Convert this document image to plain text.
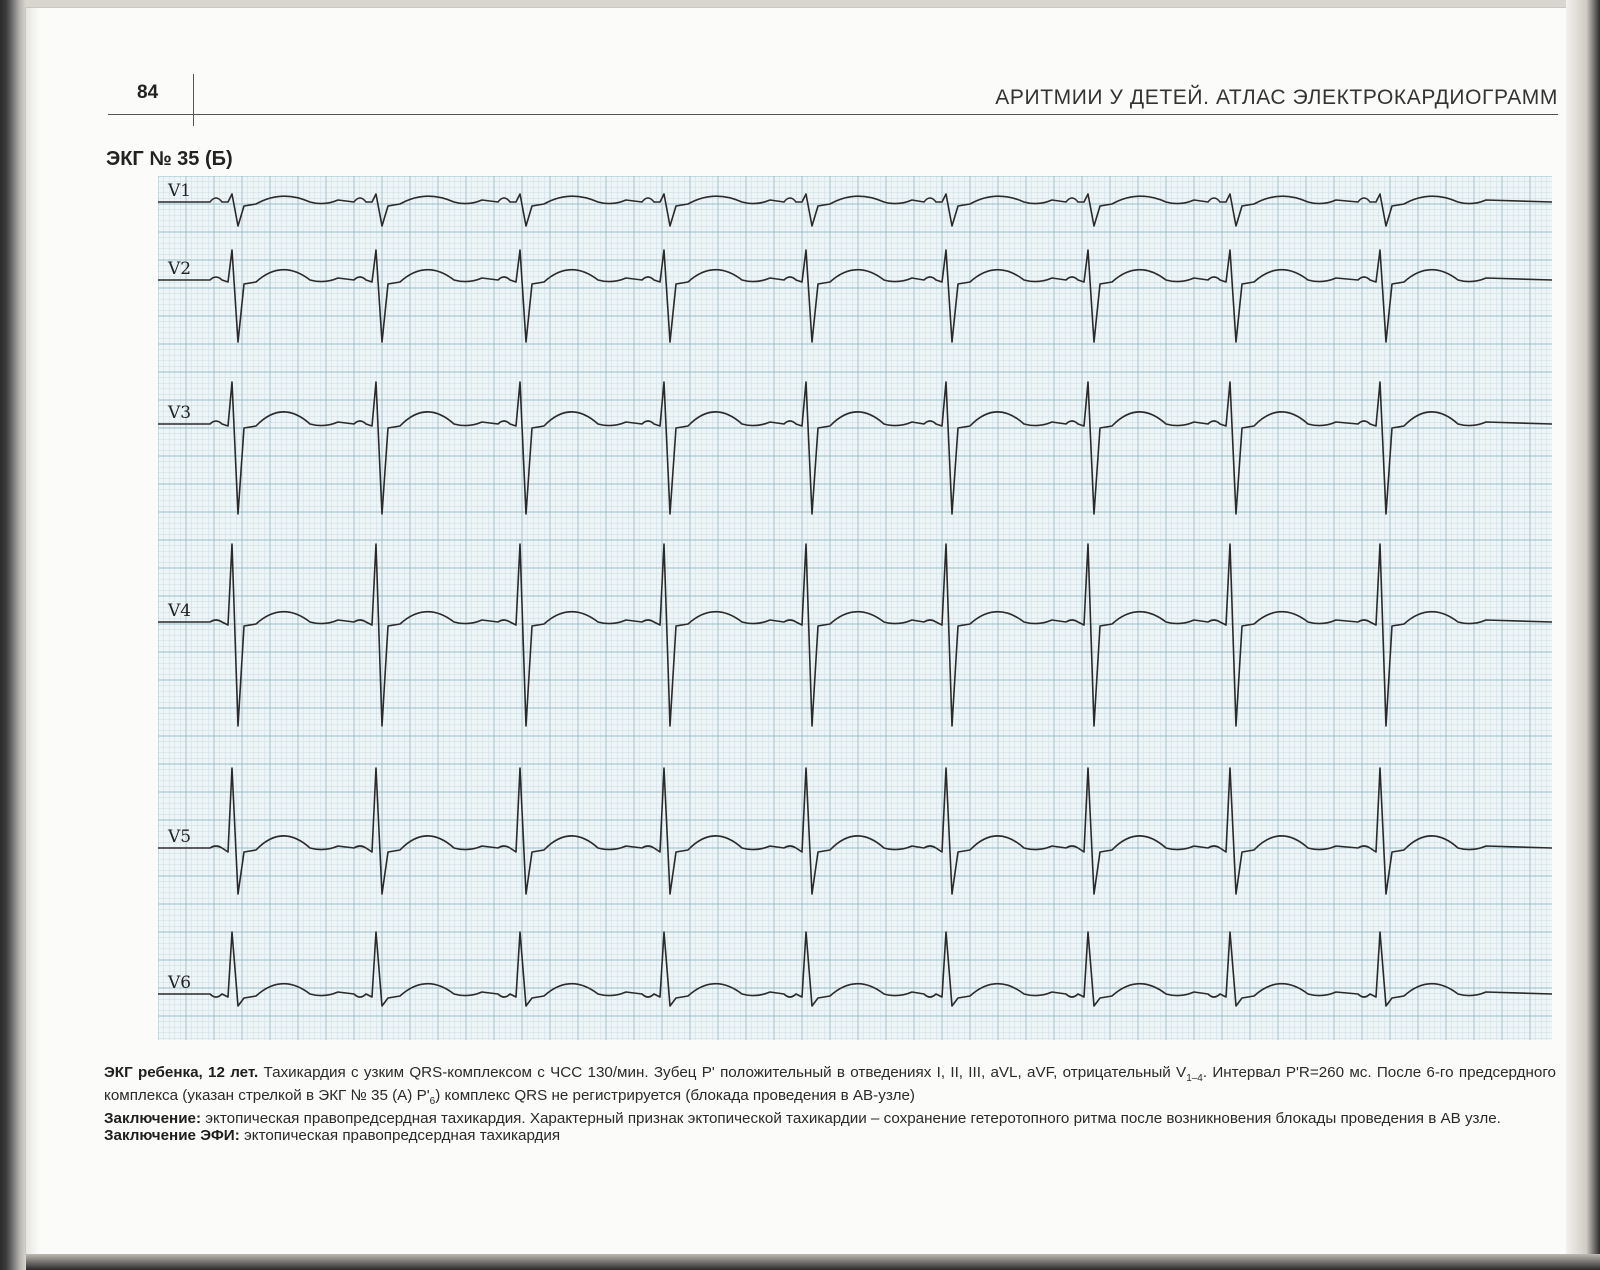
84	АРИТМИИ У ДЕТЕЙ. АТЛАС ЭЛЕКТРОКАРДИОГРАММ
ЭКГ № 35 (Б)
V1
V2
V3
V4
V5
V6

ЭКГ ребенка, 12 лет. Тахикардия с узким QRS-комплексом с ЧСС 130/мин. Зубец Р' положительный в отведениях I, II, III, aVL, aVF, отрицательный $V_{1-4}$. Интервал Р'R=260 мс. После 6-го предсердного комплекса (указан стрелкой в ЭКГ № 35 (А) $Р'_6$) комплекс QRS не регистрируется (блокада проведения в АВ-узле)

Заключение: эктопическая правопредсердная тахикардия. Характерный признак эктопической тахикардии – сохранение гетеротопного ритма после возникновения блокады проведения в АВ узле.

Заключение ЭФИ: эктопическая правопредсердная тахикардия
